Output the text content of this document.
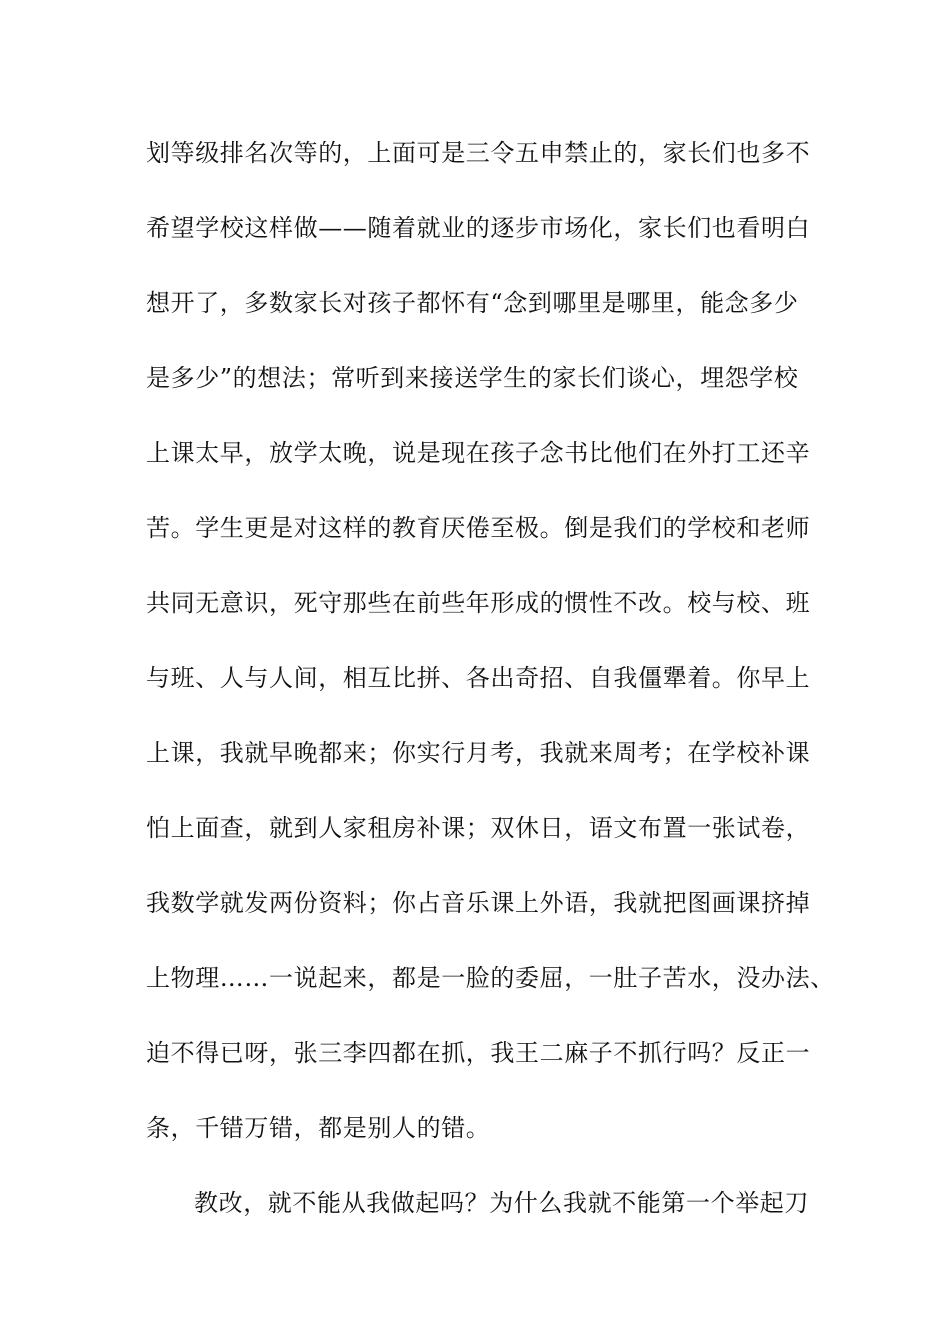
划等级排名次等的，上面可是三令五申禁止的，家长们也多不
希望学校这样做——随着就业的逐步市场化，家长们也看明白
想开了，多数家长对孩子都怀有“念到哪里是哪里，能念多少
是多少”的想法；常听到来接送学生的家长们谈心，埋怨学校
上课太早，放学太晚，说是现在孩子念书比他们在外打工还辛
苦。学生更是对这样的教育厌倦至极。倒是我们的学校和老师
共同无意识，死守那些在前些年形成的惯性不改。校与校、班
与班、人与人间，相互比拼、各出奇招、自我僵犟着。你早上
上课，我就早晚都来；你实行月考，我就来周考；在学校补课
怕上面查，就到人家租房补课；双休日，语文布置一张试卷，
我数学就发两份资料；你占音乐课上外语，我就把图画课挤掉
上物理……一说起来，都是一脸的委屈，一肚子苦水，没办法、
迫不得已呀，张三李四都在抓，我王二麻子不抓行吗？反正一
条，千错万错，都是别人的错。
教改，就不能从我做起吗？为什么我就不能第一个举起刀
